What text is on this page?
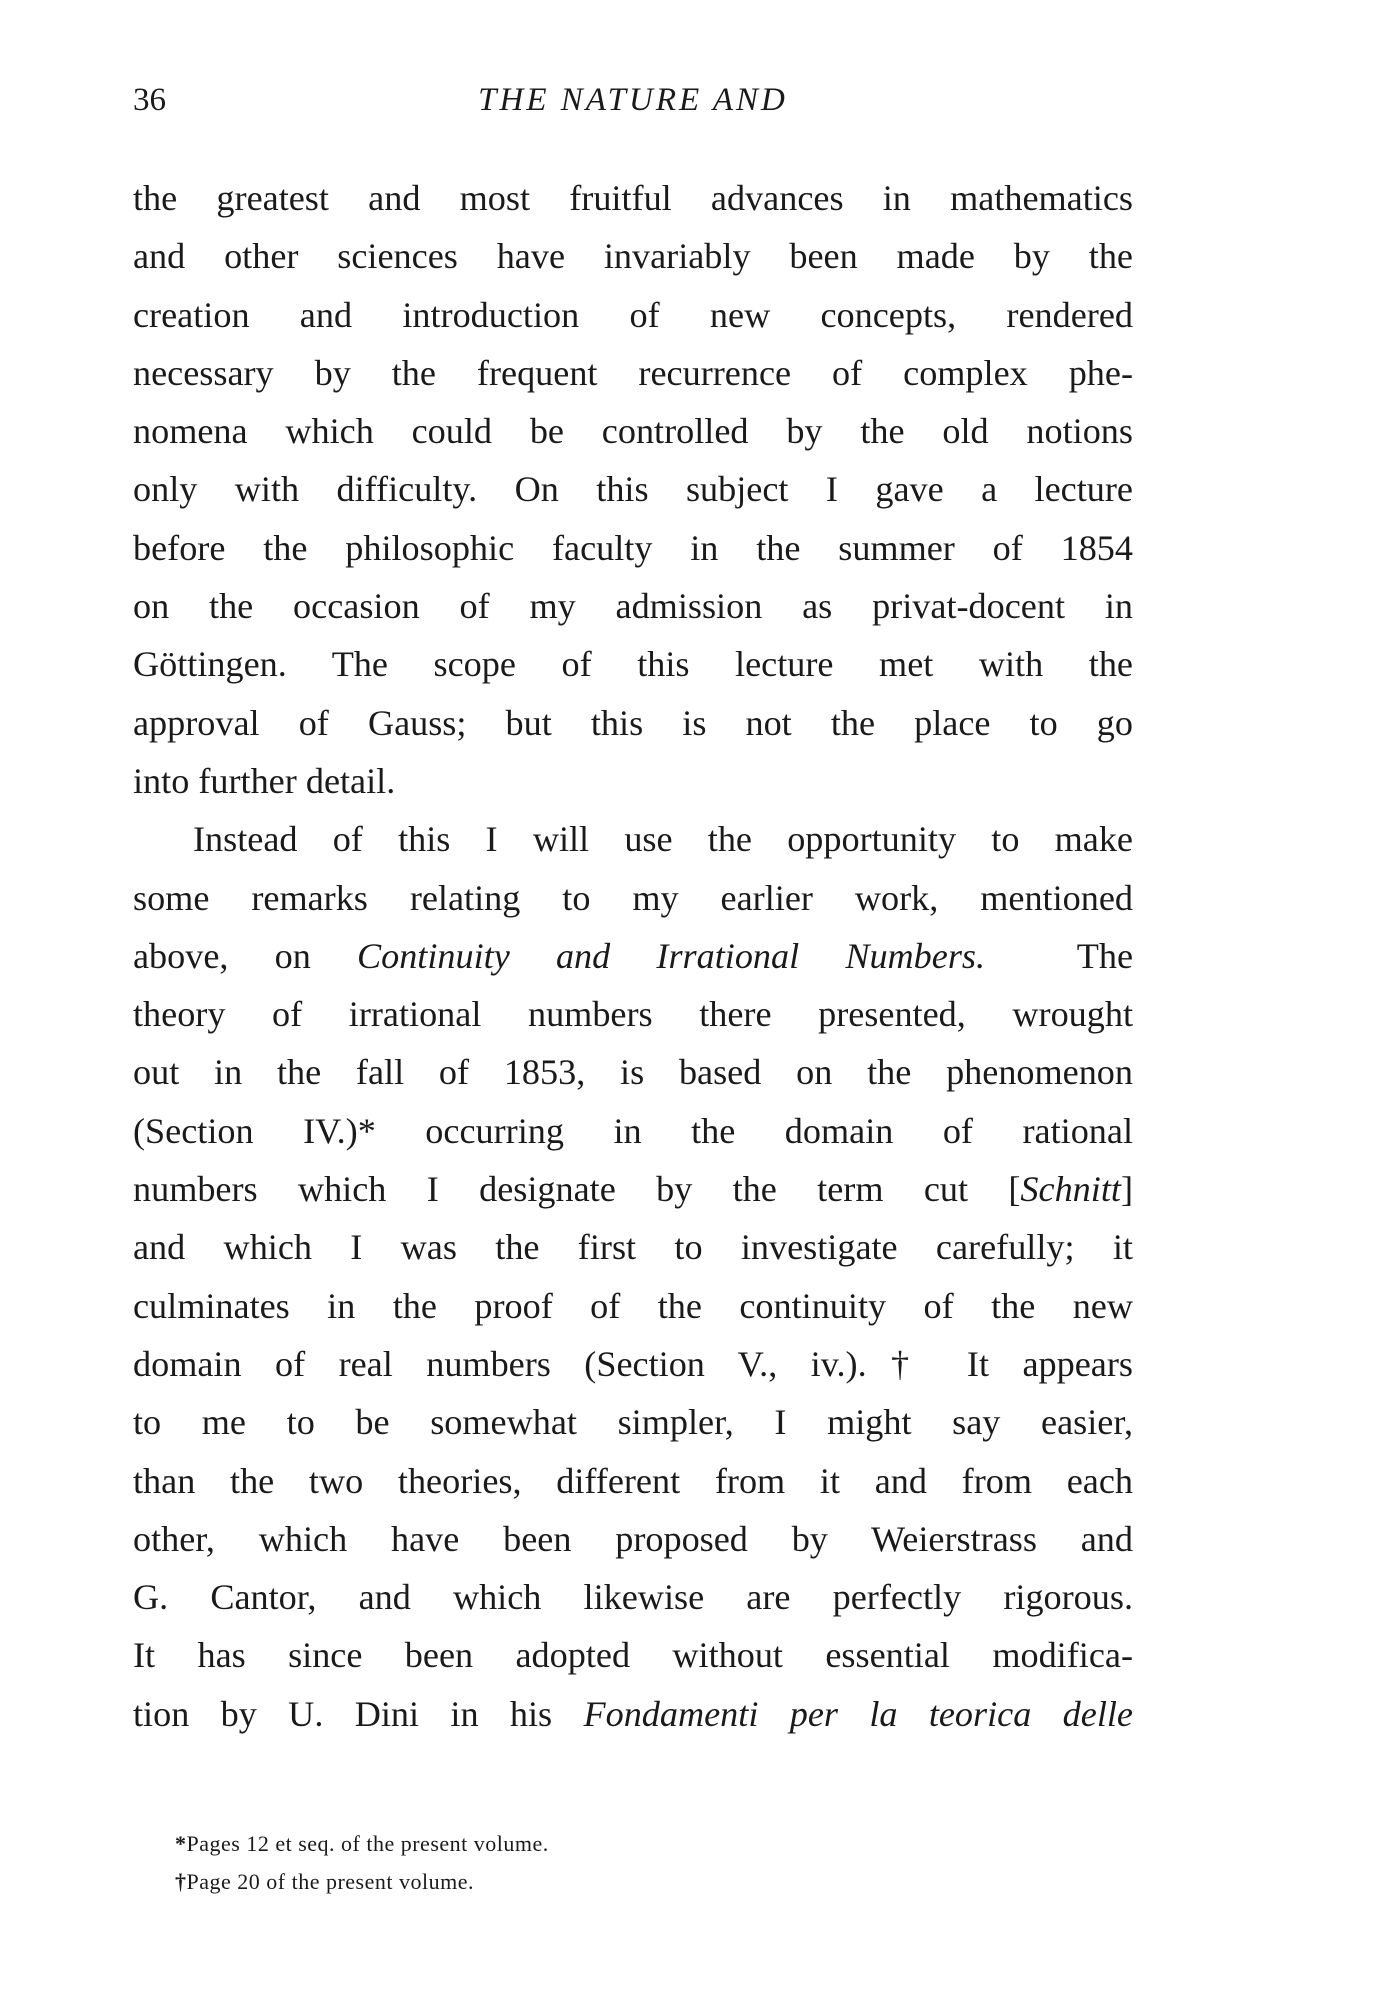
36	THE NATURE AND
the greatest and most fruitful advances in mathematics
and other sciences have invariably been made by the
creation and introduction of new concepts, rendered
necessary by the frequent recurrence of complex phe-
nomena which could be controlled by the old notions
only with difficulty. On this subject I gave a lecture
before the philosophic faculty in the summer of 1854
on the occasion of my admission as privat-docent in
Göttingen. The scope of this lecture met with the
approval of Gauss; but this is not the place to go
into further detail.
Instead of this I will use the opportunity to make
some remarks relating to my earlier work, mentioned
above, on Continuity and Irrational Numbers.  The
theory of irrational numbers there presented, wrought
out in the fall of 1853, is based on the phenomenon
(Section IV.)* occurring in the domain of rational
numbers which I designate by the term cut [Schnitt]
and which I was the first to investigate carefully; it
culminates in the proof of the continuity of the new
domain of real numbers (Section V., iv.).† It appears
to me to be somewhat simpler, I might say easier,
than the two theories, different from it and from each
other, which have been proposed by Weierstrass and
G. Cantor, and which likewise are perfectly rigorous.
It has since been adopted without essential modifica-
tion by U. Dini in his Fondamenti per la teorica delle
*Pages 12 et seq. of the present volume.
†Page 20 of the present volume.
